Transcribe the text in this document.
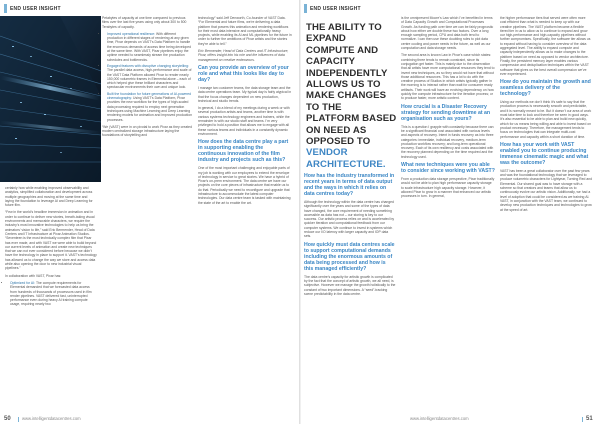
END USER INSIGHT

certainly how while enabling improved observability and analytics, simplified collaboration and development across multiple geographies and moving at the same time and laying the foundation to leverage AI and Deep Learning for future film.

“Few in the world’s headline immersion in animation and in order to continue to deliver new stories, breath-taking visual environments and memorable characters, we require the industry’s most innovative technologies to help us bring the animators’ vision to life,” said Eric Bermender, Head of Data Centers and IT Infrastructure at Pixar Animation Studios. “Seventeen is the most technically complex film that Pixar has ever made, and with VAST we were able to build beyond our current levels of animation and create new techniques that we can not ever considered before because we didn’t have the technology in place to support it. VAST’s technology has allowed us to change the way we store and access data while also opening the door to new industrial visual pipelines.”

In collaboration with VAST, Pixar has:

• Optimized for AI: The compute requirements for Elemental demanded that we forecasted data access from hundreds of thousands of processors used in film render pipelines. VAST delivered fast, uninterrupted performance even during heavy AI training compute usage, requiring nearly two

Petabytes of capacity at one time compared to previous films over the last five years using only about 300 to 500 Terabytes of capacity.

• Improved operational resilience: With different production in different stages of rendering at any given time, Pixar depends on VAST’s Data Platform to handle the enormous demands of access time being developed at the same time. With VAST, Pixar pipelines enjoy the uptime needed to seamlessly stream the production schedules and bottlenecks.
• Engaged features with disruptive changing storytelling: The parallel data access, high-performance and scale of the VAST Data Platform allowed Pixar to render nearly 150,000 volumetric frames in Elemental alone – each of which helped give these brilliant characters and spectacular environments their own and unique look.
• Built the foundation for future generations of AI-powered cinematography: Using VAST’s Data Platform, Pixar provides the new workflow for the types of high-scaled data processing required to employ next generation techniques using Machine Learning and Deep Learning rendering models for animation and improved production processes.

“We (VAST) were in on pivotal to work Pixar as they created modern centralized storage infrastructure laying the foundations of storytelling and

technology” said Jeff Denworth, Co-founder of VAST Data. “For Elemental and future films, we’re delivering a data platform that powers this animation and rendering workflows for their most data intensive and computationally heavy projects, while enabling its AI and ML pipelines for the future in order to further the ambitions of Pixar artists and the stories they’re able to tell.”

Eric Bermender, Head of Data Centers and IT Infrastructure, Pixar, offers insight into his role and the influences of data management on creative endeavours.

Can you provide an overview of your role and what this looks like day to day?

I manage two customer teams, the data storage team and the data centre operations team. My typical day is fairly atypical in that the focus changes dependent on new production, technical and studio trends.

In general, I do a blend of my meetings during a week or with several production artists and teams, another time is with various systems technology engineers and trainers, while the remainder is with our studio staff and teams. I’m very privileged to hold a position that allows me to engage with all these various teams and individuals in a constantly dynamic environment.

How does the data centre play a part in supporting enabling the continuous innovation of the film industry and projects such as this?

One of the most important challenging and enjoyable parts of my job is working with our employees to extend the envelope of technology in service to great stories. We have a hybrid of Pixar’s on-prem environment. The data centre we have our projects on the core pieces of infrastructure that enable us to do that. Periodically we need to reconfigure and upgrade that infrastructure to accommodate the latest computer technologies. Our data centre team is tasked with maintaining the state of the art to enable the art.

50	www.intelligentdatacentres.com
END USER INSIGHT
THE ABILITY TO EXPAND COMPUTE AND CAPACITY INDEPENDENTLY ALLOWS US TO MAKE CHANGES TO THE PLATFORM BASED ON NEED AS OPPOSED TO VENDOR ARCHITECTURE.
How has the industry transformed in recent years in terms of data output and the ways in which it relies on data centres today?

Although the technology within the data centre has changed significantly over the years and some of the types of data have changed, the core requirement of needing something accessible as data has not – our storing is key to our success. Our artistic process relies on and is accelerated by quicker iteration and computational feedback from our computer systems. We continue to invest in systems which reduce our I/O latency with larger capacity and IOP data sets.

How quickly must data centres scale to support computational demands including the enormous amounts of data being processed and how is this managed efficiently?

The data centre’s capacity for artistic growth is complicated by the fact that the concept of artistic growth, we all need, is subjective. However we manage the growth holistically to the constant of two important dimensions. A “seed”-tracking scene predictability in the data centre.

is the omnipresent Moore’s Law which I’ve benefited in terms of Data Capacity Growth and Computational Processes Growth. As funding path over time we can be fairly prognostic about how either we double these two factors. Over a long enough sampling period, CPU and data both tend to normalize. I can then use these doubling rules to plot data centre cooling and power needs in the future, as well as our computation and data storage needs.

The second area is known Law in Pixar’s case which states: combining three tends to remain constraint, since its conjugation get faster. This is mainly due to the observation that all artists have more computational resources they tend to invent new techniques, as so they would not have that without those additional resources. This has a lot to do with the creative process of Studios in which artists typically gather in the morning is to interact rather than wait for consumer ready artifacts. Their work will have an evolving dependency on how quickly the compute infrastructure for the iteration process; or to produce faster, more artistic content.

How crucial is a Disaster Recovery strategy for sending downtime at an organisation such as yours?

This is a question I grapple with constantly because there can be a significant financial cost associated with various levels and aspects of recovery. Intent in funds recovery as into three categories: immediate, individual recovery, medium-term production workflow recovery; and long-term operational recovery. Each of its own resiliency and costs associated with the recovery planned depending on the time required and the technology used.

What new techniques were you able to consider since working with VAST?

From a production data storage perspective, Pixar traditionally would not be able to plan high performance capacity storage to scale infrastructure high capacity storage. However, it allowed Pixar to grow in a manner that enhanced our artistic processes in turn. In general,

the higher performance tiers that served were often more cost efficient than what is needed to keep up with our creative pipelines. The VAST platform became a flexible tiered tier in us to allow us to continue to expand and grow our high-performance and high-capacity pipelines without further compromises. Specifically, the software tier allows us to expand without having to consider overview of the data aggregated level. The ability to expand compute and capacity independently allows us to make changes to the platform based on need as opposed to vendor architecture. Finally, the persistent memory layer enables various compression and deduplication techniques within the VAST software that gives us the best overall compression we’ve ever experienced.

How do you maintain the growth and seamless delivery of the technology?

Using our methods we don’t think it’s safe to say that the production process is necessarily smooth and predictable, and it is normally meant to be. But it doesn’t our area of work must take time to look and therefore be seen in good ways. It’s also essential to be able to plan and build new quickly, which for us means being willing and able to invest based on product necessary. Therefore, the management tends to focus on technologies that can integrate multi-cost performance and capacity within a short duration of time.

How has your work with VAST enabled you to continue producing immense cinematic magic and what was the outcome?

VAST has been a great collaborator over the past few years and was the foundational technology that we leveraged to produce volumetric characters for Lightyear, Turning Red and Elemental. Our shared goal was to have storage with a scheme so that creators and teams that allow us to continuously evolve our artistic vision. Additionally, we had a level of adoption that could be considered as we training AI. VAST, in conjunction with the VAST team, we continued to develop new production techniques and technologies to grow at the speed of art.

www.intelligentdatacentres.com	51
